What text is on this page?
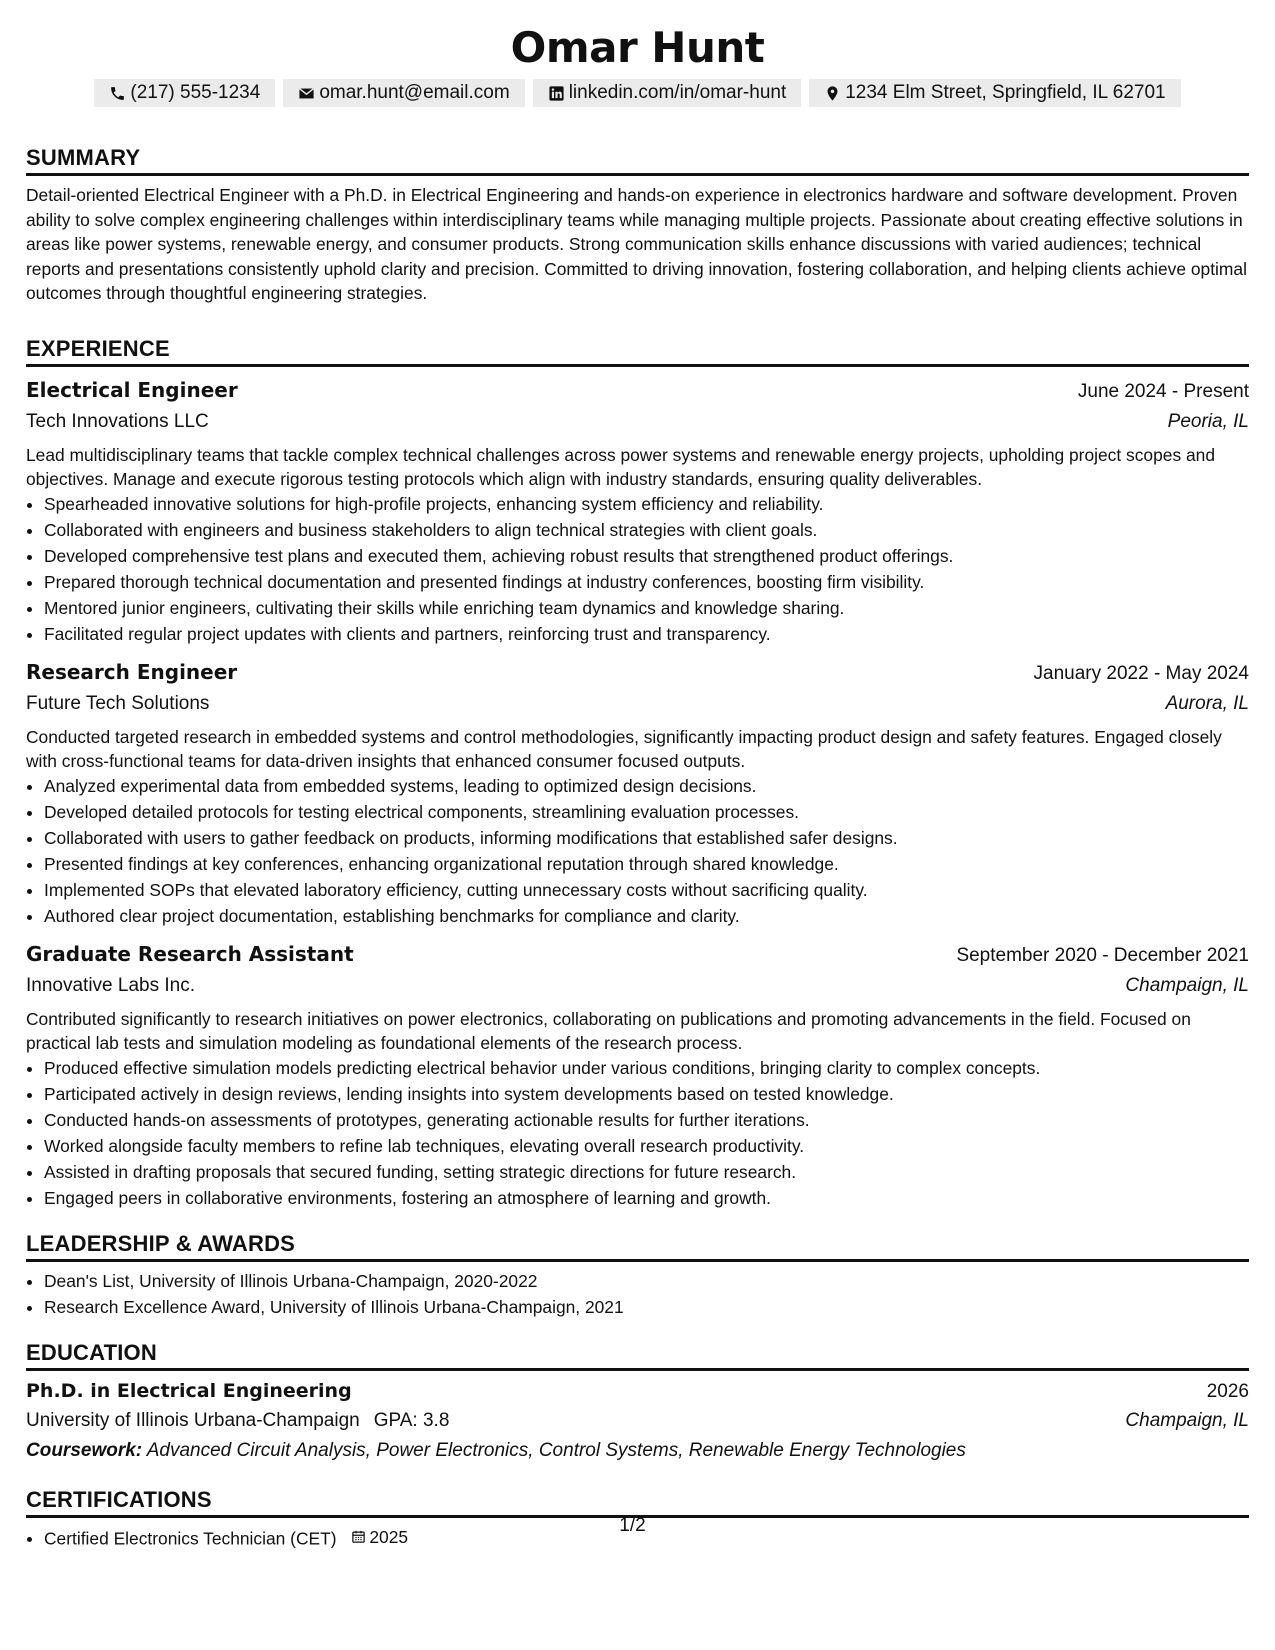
Omar Hunt
(217) 555-1234	omar.hunt@email.com	linkedin.com/in/omar-hunt	1234 Elm Street, Springfield, IL 62701
SUMMARY

Detail-oriented Electrical Engineer with a Ph.D. in Electrical Engineering and hands-on experience in electronics hardware and software development. Proven ability to solve complex engineering challenges within interdisciplinary teams while managing multiple projects. Passionate about creating effective solutions in areas like power systems, renewable energy, and consumer products. Strong communication skills enhance discussions with varied audiences; technical reports and presentations consistently uphold clarity and precision. Committed to driving innovation, fostering collaboration, and helping clients achieve optimal outcomes through thoughtful engineering strategies.

EXPERIENCE
Electrical Engineer	June 2024 - Present
Tech Innovations LLC	Peoria, IL
Lead multidisciplinary teams that tackle complex technical challenges across power systems and renewable energy projects, upholding project scopes and objectives. Manage and execute rigorous testing protocols which align with industry standards, ensuring quality deliverables.
• Spearheaded innovative solutions for high-profile projects, enhancing system efficiency and reliability.
• Collaborated with engineers and business stakeholders to align technical strategies with client goals.
• Developed comprehensive test plans and executed them, achieving robust results that strengthened product offerings.
• Prepared thorough technical documentation and presented findings at industry conferences, boosting firm visibility.
• Mentored junior engineers, cultivating their skills while enriching team dynamics and knowledge sharing.
• Facilitated regular project updates with clients and partners, reinforcing trust and transparency.
Research Engineer	January 2022 - May 2024
Future Tech Solutions	Aurora, IL
Conducted targeted research in embedded systems and control methodologies, significantly impacting product design and safety features. Engaged closely with cross-functional teams for data-driven insights that enhanced consumer focused outputs.
• Analyzed experimental data from embedded systems, leading to optimized design decisions.
• Developed detailed protocols for testing electrical components, streamlining evaluation processes.
• Collaborated with users to gather feedback on products, informing modifications that established safer designs.
• Presented findings at key conferences, enhancing organizational reputation through shared knowledge.
• Implemented SOPs that elevated laboratory efficiency, cutting unnecessary costs without sacrificing quality.
• Authored clear project documentation, establishing benchmarks for compliance and clarity.
Graduate Research Assistant	September 2020 - December 2021
Innovative Labs Inc.	Champaign, IL
Contributed significantly to research initiatives on power electronics, collaborating on publications and promoting advancements in the field. Focused on practical lab tests and simulation modeling as foundational elements of the research process.
• Produced effective simulation models predicting electrical behavior under various conditions, bringing clarity to complex concepts.
• Participated actively in design reviews, lending insights into system developments based on tested knowledge.
• Conducted hands-on assessments of prototypes, generating actionable results for further iterations.
• Worked alongside faculty members to refine lab techniques, elevating overall research productivity.
• Assisted in drafting proposals that secured funding, setting strategic directions for future research.
• Engaged peers in collaborative environments, fostering an atmosphere of learning and growth.
LEADERSHIP & AWARDS
• Dean's List, University of Illinois Urbana-Champaign, 2020-2022
• Research Excellence Award, University of Illinois Urbana-Champaign, 2021
EDUCATION
Ph.D. in Electrical Engineering	2026
University of Illinois Urbana-Champaign GPA: 3.8	Champaign, IL
Coursework: Advanced Circuit Analysis, Power Electronics, Control Systems, Renewable Energy Technologies
CERTIFICATIONS
• Certified Electronics Technician (CET) 2025
1/2
